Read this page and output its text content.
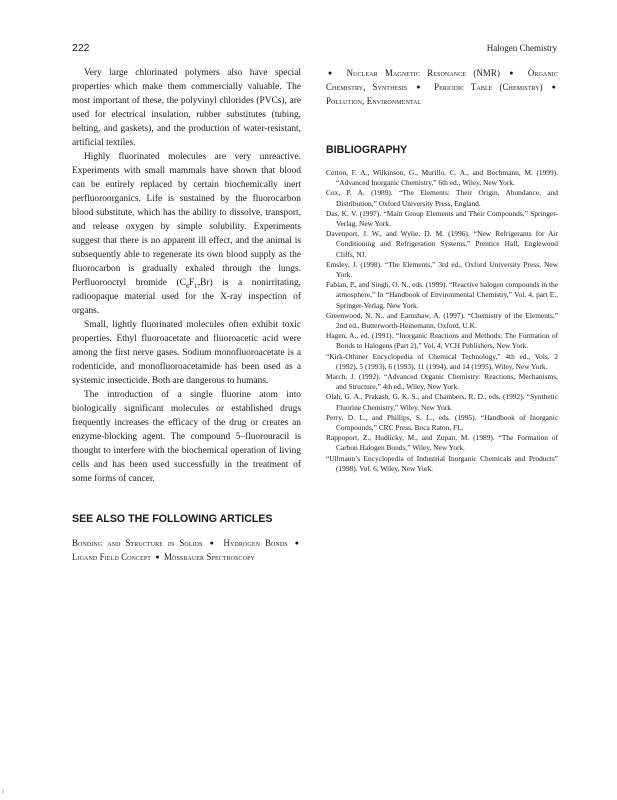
222	Halogen Chemistry

Very large chlorinated polymers also have special properties which make them commercially valuable. The most important of these, the polyvinyl chlorides (PVCs), are used for electrical insulation, rubber substitutes (tubing, belting, and gaskets), and the production of water-resistant, artificial textiles.

Highly fluorinated molecules are very unreactive. Experiments with small mammals have shown that blood can be entirely replaced by certain biochemically inert perfluoroorganics. Life is sustained by the fluorocarbon blood substitute, which has the ability to dissolve, transport, and release oxygen by simple solubility. Experiments suggest that there is no apparent ill effect, and the animal is subsequently able to regenerate its own blood supply as the fluorocarbon is gradually exhaled through the lungs. Perfluorooctyl bromide $(C_8F_{17}Br)$ is a nonirritating, radioopaque material used for the X-ray inspection of organs.

Small, lightly fluorinated molecules often exhibit toxic properties. Ethyl fluoroacetate and fluoroacetic acid were among the first nerve gases. Sodium monofluoroacetate is a rodenticide, and monofluoroacetamide has been used as a systemic insecticide. Both are dangerous to humans.

The introduction of a single fluorine atom into biologically significant molecules or established drugs frequently increases the efficacy of the drug or creates an enzyme-blocking agent. The compound 5–fluorouracil is thought to interfere with the biochemical operation of living cells and has been used successfully in the treatment of some forms of cancer.

SEE ALSO THE FOLLOWING ARTICLES
Bonding and Structure in Solids ● Hydrogen Bonds ● Ligand Field Concept ● Mössbauer Spectroscopy
● Nuclear Magnetic Resonance (NMR) ● Organic Chemistry, Synthesis ● Periodic Table (Chemistry) ● Pollution, Environmental
BIBLIOGRAPHY

Cotton, F. A., Wilkinson, G., Murillo, C. A., and Bochmann, M. (1999). “Advanced Inorganic Chemistry,” 6th ed., Wiley, New York.

Cox, P. A. (1989). “The Elements: Their Origin, Abundance, and Distribution,” Oxford University Press, England.

Das, K. V. (1997). “Main Group Elements and Their Compounds,” Springer-Verlag, New York.

Davenport, J. W., and Wylie, D. M. (1996). “New Refrigerants for Air Conditioning and Refrigeration Systems,” Prentice Hall, Englewood Cliffs, NJ.

Emsley, J. (1998). “The Elements,” 3rd ed., Oxford University Press, New York.

Fabian, P., and Singh, O. N., eds. (1999). “Reactive halogen compounds in the atmosphere,” In “Handbook of Environmental Chemistry,” Vol. 4, part E., Springer-Verlag, New York.

Greenwood, N. N., and Earnshaw, A. (1997). “Chemistry of the Elements,” 2nd ed., Butterworth-Heinemann, Oxford, U.K.

Hagen, A., ed. (1991). “Inorganic Reactions and Methods: The Formation of Bonds to Halogens (Part 2),” Vol. 4, VCH Publishers, New York.

“Kirk-Othmer Encyclopedia of Chemical Technology,” 4th ed., Vols. 2 (1992), 5 (1993), 6 (1993), 11 (1994), and 14 (1995), Wiley, New York.

March, J. (1992). “Advanced Organic Chemistry: Reactions, Mechanisms, and Structure,” 4th ed., Wiley, New York.

Olah, G. A., Prakash, G. K. S., and Chambers, R. D., eds. (1992). “Synthetic Fluorine Chemistry,” Wiley, New York.

Perry, D. L., and Phillips, S. L., eds. (1995). “Handbook of Inorganic Compounds,” CRC Press, Boca Raton, FL.

Rappoport, Z., Hudlicky, M., and Zupan, M. (1989). “The Formation of Carbon Halogen Bonds,” Wiley, New York.

“Ullmann’s Encyclopedia of Industrial Inorganic Chemicals and Products” (1998). Vol. 6, Wiley, New York.

ı
